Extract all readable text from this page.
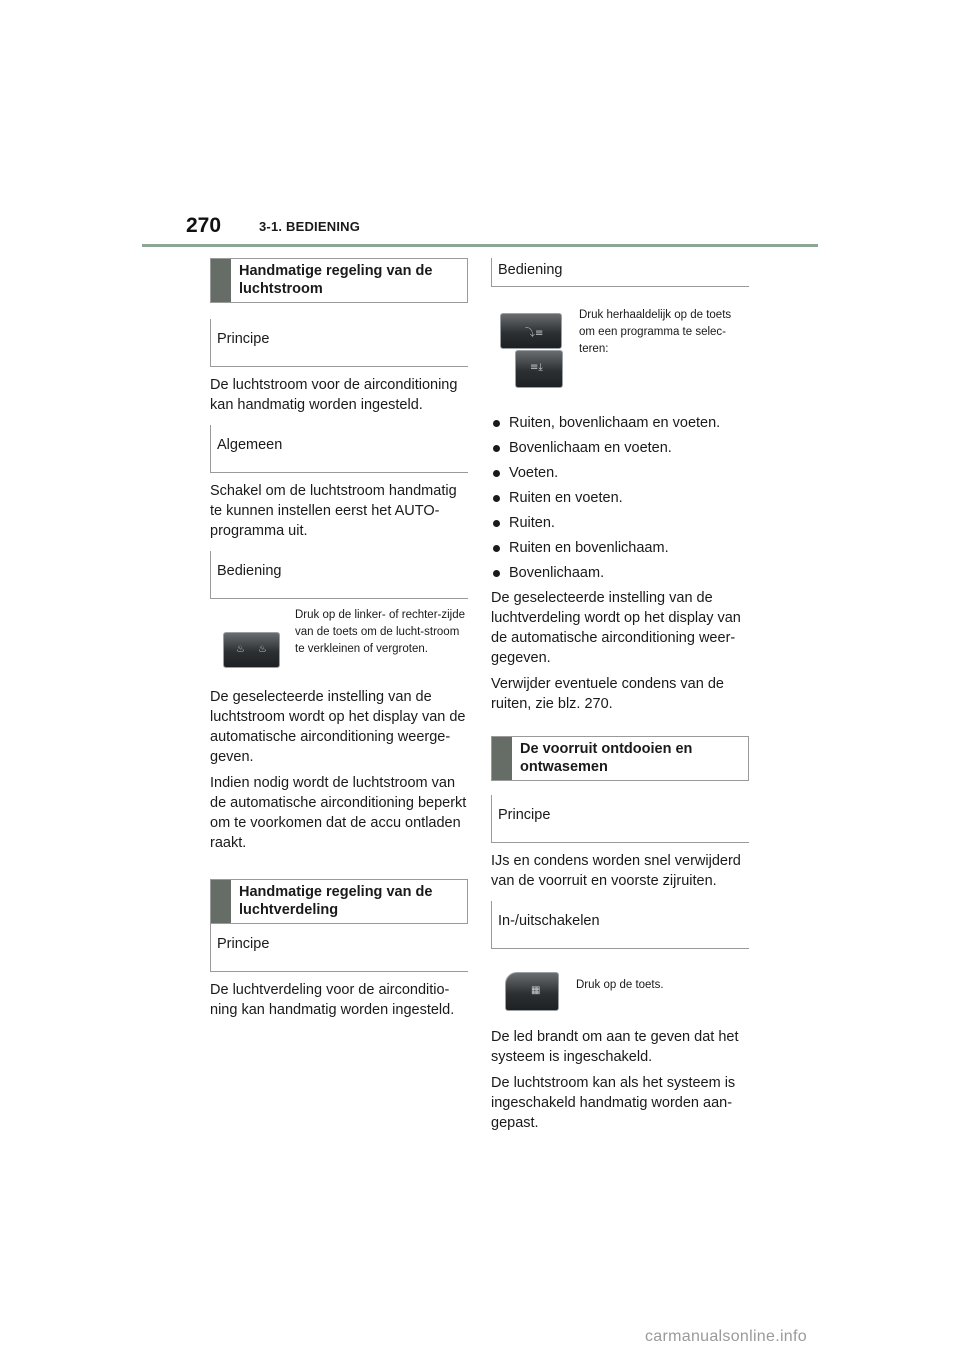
270	3-1. BEDIENING
Handmatige regeling van de luchtstroom
Principe

De luchtstroom voor de airconditioning kan handmatig worden ingesteld.

Algemeen

Schakel om de luchtstroom handmatig te kunnen instellen eerst het AUTO-programma uit.

Bediening
♨ ♨
Druk op de linker- of rechter-zijde van de toets om de lucht-stroom te verkleinen of vergroten.

De geselecteerde instelling van de luchtstroom wordt op het display van de automatische airconditioning weerge-geven.

Indien nodig wordt de luchtstroom van de automatische airconditioning beperkt om te voorkomen dat de accu ontladen raakt.

Handmatige regeling van de luchtverdeling
Principe

De luchtverdeling voor de airconditio-ning kan handmatig worden ingesteld.

Bediening
⤵≡
≡⤓
Druk herhaaldelijk op de toets om een programma te selec-teren:
Ruiten, bovenlichaam en voeten.
Bovenlichaam en voeten.
Voeten.
Ruiten en voeten.
Ruiten.
Ruiten en bovenlichaam.
Bovenlichaam.

De geselecteerde instelling van de luchtverdeling wordt op het display van de automatische airconditioning weer-gegeven.

Verwijder eventuele condens van de ruiten, zie blz. 270.

De voorruit ontdooien en ontwasemen
Principe

IJs en condens worden snel verwijderd van de voorruit en voorste zijruiten.

In-/uitschakelen
▦	Druk op de toets.

De led brandt om aan te geven dat het systeem is ingeschakeld.

De luchtstroom kan als het systeem is ingeschakeld handmatig worden aan-gepast.

carmanualsonline.info
